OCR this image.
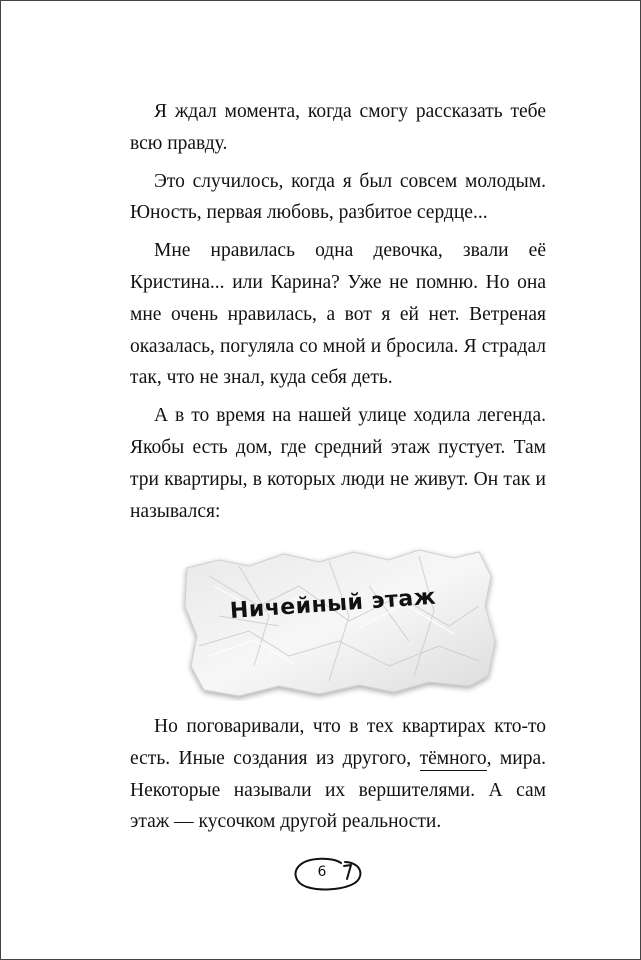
Я ждал момента, когда смогу рассказать тебе всю правду.

Это случилось, когда я был совсем молодым. Юность, первая любовь, разбитое сердце...

Мне нравилась одна девочка, звали её Кристина... или Карина? Уже не помню. Но она мне очень нравилась, а вот я ей нет. Ветреная оказалась, погуляла со мной и бросила. Я страдал так, что не знал, куда себя деть.

А в то время на нашей улице ходила легенда. Якобы есть дом, где средний этаж пустует. Там три квартиры, в которых люди не живут. Он так и назывался:

Ничейный этаж

Но поговаривали, что в тех квартирах кто-то есть. Иные создания из другого, тёмного, мира. Некоторые называли их вершителями. А сам этаж — кусочком другой реальности.

6
